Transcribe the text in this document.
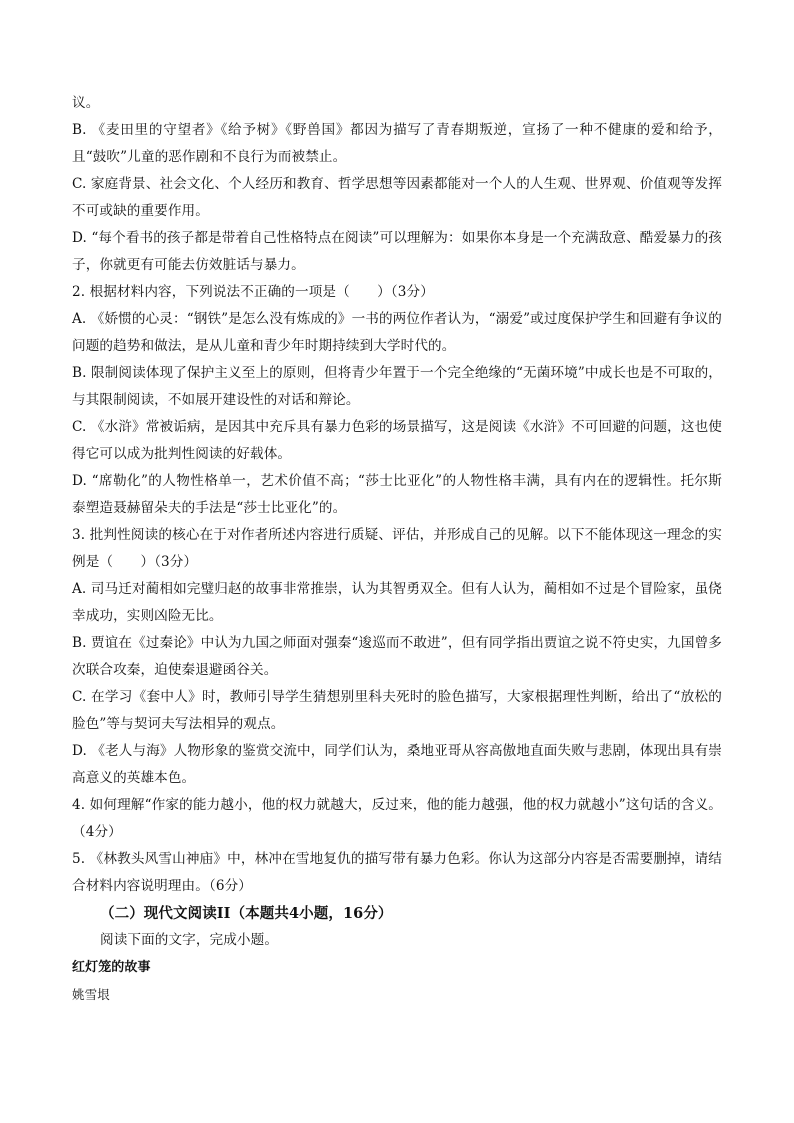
议。

B. 《麦田里的守望者》《给予树》《野兽国》都因为描写了青春期叛逆，宣扬了一种不健康的爱和给予，且“鼓吹”儿童的恶作剧和不良行为而被禁止。

C. 家庭背景、社会文化、个人经历和教育、哲学思想等因素都能对一个人的人生观、世界观、价值观等发挥不可或缺的重要作用。

D. “每个看书的孩子都是带着自己性格特点在阅读”可以理解为：如果你本身是一个充满敌意、酷爱暴力的孩子，你就更有可能去仿效脏话与暴力。

2. 根据材料内容，下列说法不正确的一项是（　　）（3分）

A. 《娇惯的心灵：“钢铁”是怎么没有炼成的》一书的两位作者认为，“溺爱”或过度保护学生和回避有争议的问题的趋势和做法，是从儿童和青少年时期持续到大学时代的。

B. 限制阅读体现了保护主义至上的原则，但将青少年置于一个完全绝缘的“无菌环境”中成长也是不可取的，与其限制阅读，不如展开建设性的对话和辩论。

C. 《水浒》常被诟病，是因其中充斥具有暴力色彩的场景描写，这是阅读《水浒》不可回避的问题，这也使得它可以成为批判性阅读的好载体。

D. “席勒化”的人物性格单一，艺术价值不高；“莎士比亚化”的人物性格丰满，具有内在的逻辑性。托尔斯泰塑造聂赫留朵夫的手法是“莎士比亚化”的。

3. 批判性阅读的核心在于对作者所述内容进行质疑、评估，并形成自己的见解。以下不能体现这一理念的实例是（　　）（3分）

A. 司马迁对蔺相如完璧归赵的故事非常推崇，认为其智勇双全。但有人认为，蔺相如不过是个冒险家，虽侥幸成功，实则凶险无比。

B. 贾谊在《过秦论》中认为九国之师面对强秦“逡巡而不敢进”，但有同学指出贾谊之说不符史实，九国曾多次联合攻秦，迫使秦退避函谷关。

C. 在学习《套中人》时，教师引导学生猜想别里科夫死时的脸色描写，大家根据理性判断，给出了“放松的脸色”等与契诃夫写法相异的观点。

D. 《老人与海》人物形象的鉴赏交流中，同学们认为，桑地亚哥从容高傲地直面失败与悲剧，体现出具有崇高意义的英雄本色。

4. 如何理解“作家的能力越小，他的权力就越大，反过来，他的能力越强，他的权力就越小”这句话的含义。（4分）

5. 《林教头风雪山神庙》中，林冲在雪地复仇的描写带有暴力色彩。你认为这部分内容是否需要删掉，请结合材料内容说明理由。（6分）

（二）现代文阅读II（本题共4小题，16分）

阅读下面的文字，完成小题。

红灯笼的故事

姚雪垠
